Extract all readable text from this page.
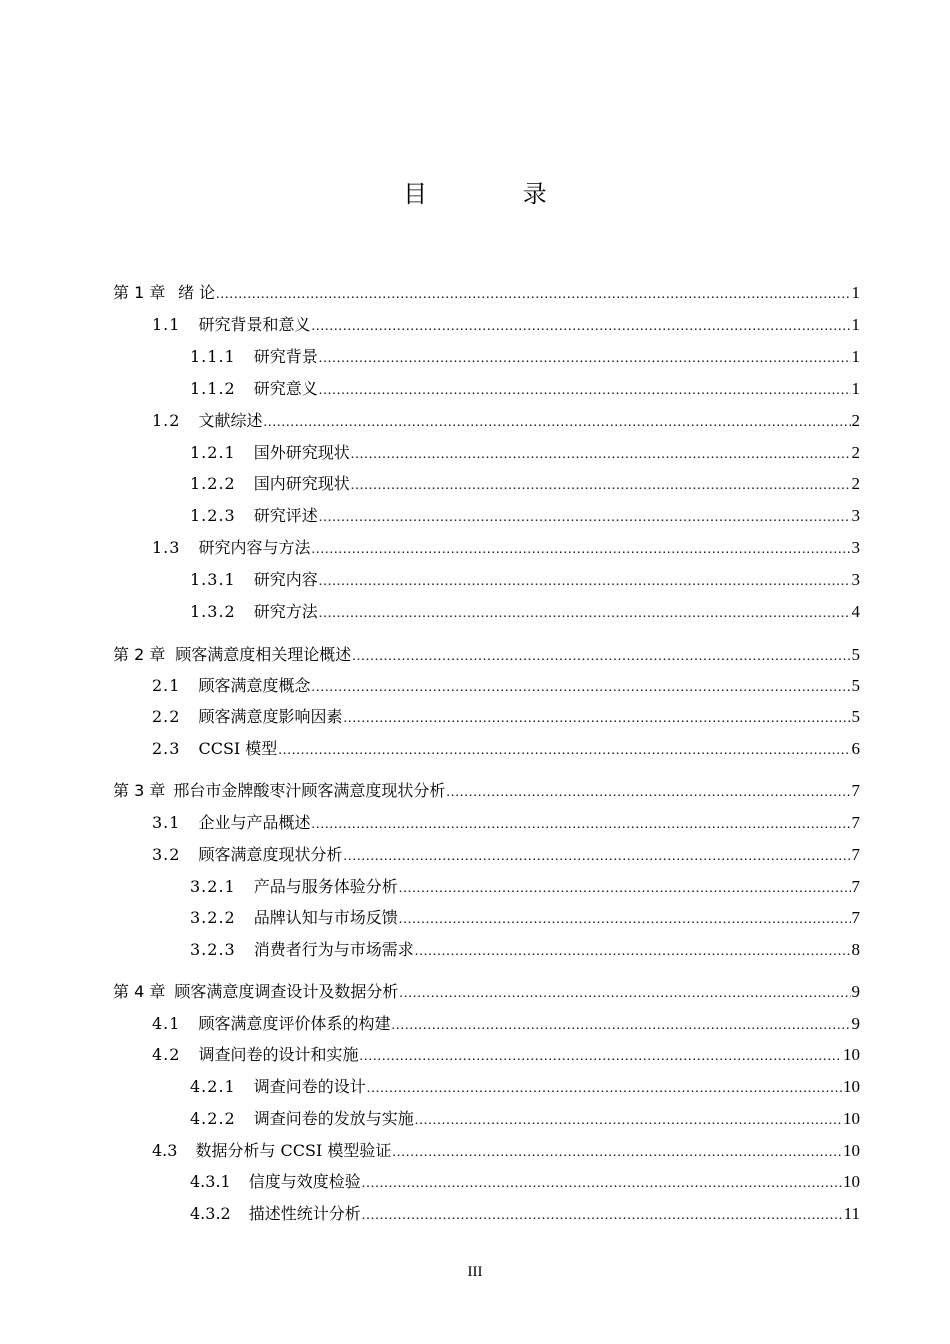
目 录
第 1 章 绪 论 .....	1
1.1 研究背景和意义 .....	1
1.1.1 研究背景 .....	1
1.1.2 研究意义 .....	1
1.2 文献综述 .....	2
1.2.1 国外研究现状 .....	2
1.2.2 国内研究现状 .....	2
1.2.3 研究评述 .....	3
1.3 研究内容与方法 .....	3
1.3.1 研究内容 .....	3
1.3.2 研究方法 .....	4
第 2 章 顾客满意度相关理论概述 .....	5
2.1 顾客满意度概念 .....	5
2.2 顾客满意度影响因素 .....	5
2.3 CCSI 模型 .....	6
第 3 章 邢台市金牌酸枣汁顾客满意度现状分析 .....	7
3.1 企业与产品概述 .....	7
3.2 顾客满意度现状分析 .....	7
3.2.1 产品与服务体验分析 .....	7
3.2.2 品牌认知与市场反馈 .....	7
3.2.3 消费者行为与市场需求 .....	8
第 4 章 顾客满意度调查设计及数据分析 .....	9
4.1 顾客满意度评价体系的构建 .....	9
4.2 调查问卷的设计和实施 .....	10
4.2.1 调查问卷的设计 .....	10
4.2.2 调查问卷的发放与实施 .....	10
4.3 数据分析与 CCSI 模型验证 .....	10
4.3.1 信度与效度检验 .....	10
4.3.2 描述性统计分析 .....	11
III
